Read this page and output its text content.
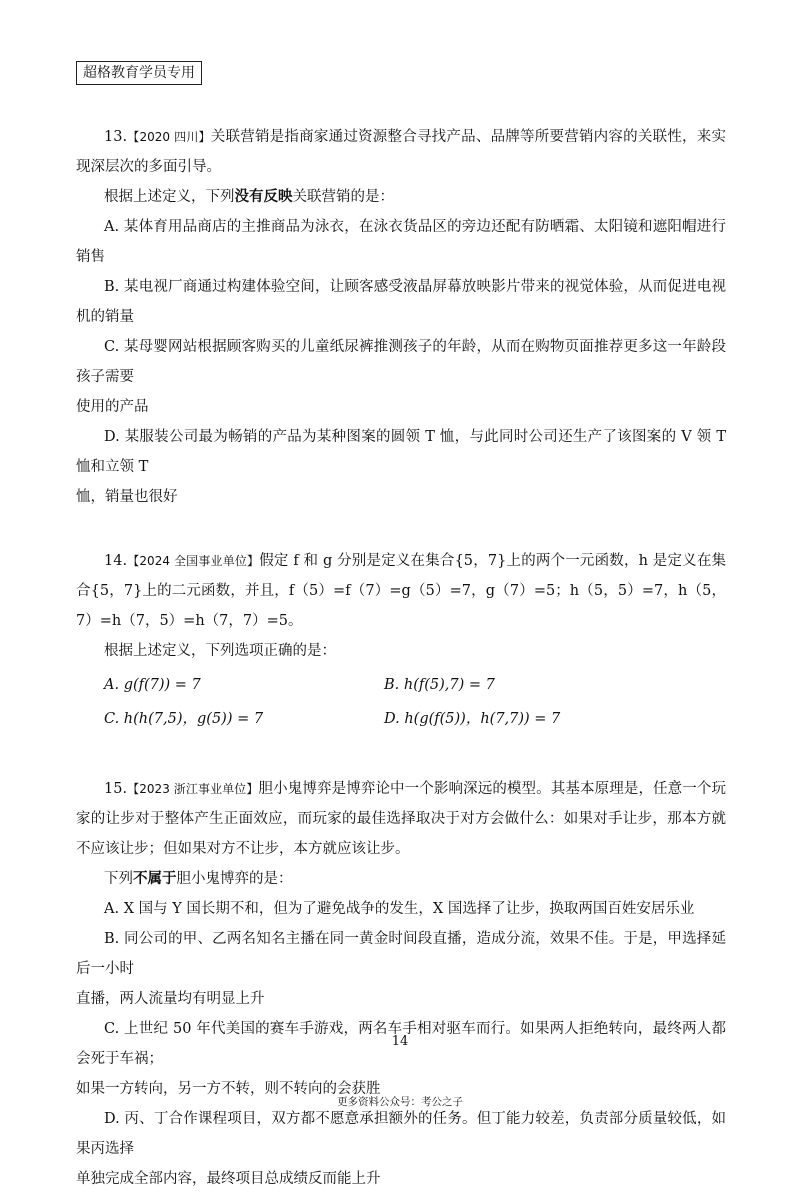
超格教育学员专用

13.【2020 四川】关联营销是指商家通过资源整合寻找产品、品牌等所要营销内容的关联性，来实现深层次的多面引导。

根据上述定义，下列没有反映关联营销的是：

A. 某体育用品商店的主推商品为泳衣，在泳衣货品区的旁边还配有防晒霜、太阳镜和遮阳帽进行销售

B. 某电视厂商通过构建体验空间，让顾客感受液晶屏幕放映影片带来的视觉体验，从而促进电视机的销量

C. 某母婴网站根据顾客购买的儿童纸尿裤推测孩子的年龄，从而在购物页面推荐更多这一年龄段孩子需要

使用的产品

D. 某服装公司最为畅销的产品为某种图案的圆领 T 恤，与此同时公司还生产了该图案的 V 领 T 恤和立领 T

恤，销量也很好

14.【2024 全国事业单位】假定 f 和 g 分别是定义在集合{5，7}上的两个一元函数，h 是定义在集合{5，7}上的二元函数，并且，f（5）=f（7）=g（5）=7，g（7）=5；h（5，5）=7，h（5，7）=h（7，5）=h（7，7）=5。

根据上述定义，下列选项正确的是：

A. g(f(7)) = 7	B. h(f(5),7) = 7
C. h(h(7,5)，g(5)) = 7	D. h(g(f(5))，h(7,7)) = 7

15.【2023 浙江事业单位】胆小鬼博弈是博弈论中一个影响深远的模型。其基本原理是，任意一个玩家的让步对于整体产生正面效应，而玩家的最佳选择取决于对方会做什么：如果对手让步，那本方就不应该让步；但如果对方不让步，本方就应该让步。

下列不属于胆小鬼博弈的是：

A. X 国与 Y 国长期不和，但为了避免战争的发生，X 国选择了让步，换取两国百姓安居乐业

B. 同公司的甲、乙两名知名主播在同一黄金时间段直播，造成分流，效果不佳。于是，甲选择延后一小时

直播，两人流量均有明显上升

C. 上世纪 50 年代美国的赛车手游戏，两名车手相对驱车而行。如果两人拒绝转向，最终两人都会死于车祸；

如果一方转向，另一方不转，则不转向的会获胜

D. 丙、丁合作课程项目，双方都不愿意承担额外的任务。但丁能力较差，负责部分质量较低，如果丙选择

单独完成全部内容，最终项目总成绩反而能上升

14
更多资料公众号：考公之子
